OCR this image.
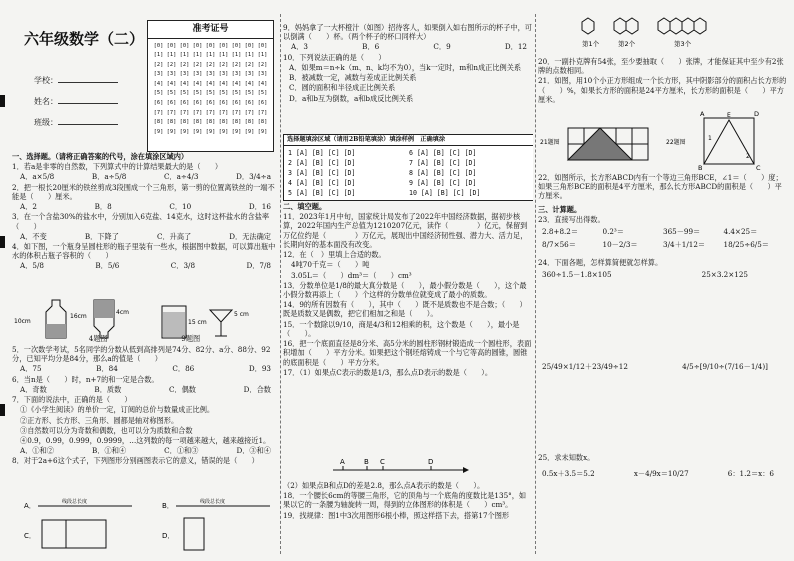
六年级数学（二）
学校：
姓名：
班级：
准考证号
[0] [0] [0] [0] [0] [0] [0] [0] [0]
[1] [1] [1] [1] [1] [1] [1] [1] [1]
[2] [2] [2] [2] [2] [2] [2] [2] [2]
[3] [3] [3] [3] [3] [3] [3] [3] [3]
[4] [4] [4] [4] [4] [4] [4] [4] [4]
[5] [5] [5] [5] [5] [5] [5] [5] [5]
[6] [6] [6] [6] [6] [6] [6] [6] [6]
[7] [7] [7] [7] [7] [7] [7] [7] [7]
[8] [8] [8] [8] [8] [8] [8] [8] [8]
[9] [9] [9] [9] [9] [9] [9] [9] [9]
一、选择题。（请将正确答案的代号，涂在填涂区域内）
1．若a是非零的自然数，下列算式中的计算结果最大的是（　　）
A．a×5/8	B．a÷5/8	C．a÷4/3	D．3/4÷a
2．把一根长20厘米的铁丝剪成3段围成一个三角形，第一剪的位置离铁丝的一端不能是（　　）厘米。
A．2	B．8	C．10	D．16
3．在一个含盐30%的盐水中，分别加入6克盐、14克水，这时这杯盐水的含盐率（　　）
A．不变	B．下降了	C．升高了	D．无法确定
4．如下图，一个瓶身呈圆柱形的瓶子里装有一些水，根据图中数据，可以算出瓶中水的体积占瓶子容积的（　　）
A．5/8	B．5/6	C．3/8	D．7/8
10cm
16cm
4cm
15 cm
5 cm
4题图	9题图
5．一次数学考试，5名同学的分数从低到高排列是74分、82分、a分、88分、92分，已知平均分是84分，那么a的值是（　　）
A．75	B．84	C．86	D．93
6．当n是（　　）时，n+7的和一定是合数。
A．奇数	B．质数	C．偶数	D．合数
7．下面的说法中，正确的是（　　）
①《小学生阅读》的单价一定，订阅的总价与数量成正比例。
②正方形、长方形、三角形、圆都是轴对称图形。
③自然数可以分为奇数和偶数，也可以分为质数和合数
④0.9，0.99，0.999，0.9999，…这列数的每一项越来越大，越来越接近1。
A．①和②	B．①和④	C．①和③	D．③和④
8．对于2a+6这个式子，下列图形分别画图表示它的意义，错误的是（　　）
A．	线段总长度	B．	线段总长度
C．	D．
9．妈妈拿了一大杯橙汁（如图）招待客人，如果倒入如右图所示的杯子中，可以倒满（　　）杯。（两个杯子的杯口同样大）
A．3	B．6	C．9	D．12
10．下列说法正确的是（　　）
A．如果m＝n÷k（m、n、k均不为0），当k一定时，m和n成正比例关系
B．被减数一定，减数与差成正比例关系
C．圆的面积和半径成正比例关系
D．a和b互为倒数，a和b成反比例关系
选择题填涂区域（请用2B铅笔填涂）填涂样例　正确填涂
1 [A] [B] [C] [D]	6 [A] [B] [C] [D]
2 [A] [B] [C] [D]	7 [A] [B] [C] [D]
3 [A] [B] [C] [D]	8 [A] [B] [C] [D]
4 [A] [B] [C] [D]	9 [A] [B] [C] [D]
5 [A] [B] [C] [D]	10 [A] [B] [C] [D]
二、填空题。
11．2023年1月中旬，国家统计局发布了2022年中国经济数据，据初步核算，2022年国内生产总值为1210207亿元，读作（　　　　）亿元，保留到万亿位约是（　　　　）万亿元，展现出中国经济韧性强、潜力大、活力足，长期向好的基本面没有改变。
12．在（　）里填上合适的数。
4吨70千克＝（　　）吨
3.05L＝（　　）dm³＝（　　）cm³
13．分数单位是1/8的最大真分数是（　　），最小假分数是（　　），这个最小假分数再添上（　　）个这样的分数单位就变成了最小的质数。
14．9的所有因数有（　　），其中（　　）既不是质数也不是合数；（　　）既是质数又是偶数，把它们相加之和是（　　）。
15．一个数除以9/10，商是4/3和12相乘的积，这个数是（　　），最小是（　　）。
16．把一个底面直径是8分米、高5分米的圆柱形钢材锻造成一个圆柱形，表面积增加（　　）平方分米。如果把这个钢坯熔铸成一个与它等高的圆锥，圆锥的底面积是（　　）平方分米。
17．（1）如果点C表示的数是1/3，那么点D表示的数是（　　）。
A	B C	D
（2）如果点B和点D的差是2.8，那么点A表示的数是（　　）。
18．一个腰长6cm的等腰三角形，它的顶角与一个底角的度数比是135°，如果以它的一条腰为轴旋转一周，得到的立体图形的体积是（　　）cm³。
19．找规律：图1中3次用图形6根小棒，照这样搭下去，搭第17个图形
第1个	第2个	第3个
20．一副扑克牌有54张，至少要抽取（　　）张牌，才能保证其中至少有2张牌的点数相同。
21．如图，用10个小正方形组成一个长方形，其中阴影部分的面积占长方形的（　　）%，如果长方形的面积是24平方厘米，长方形的面积是（　　）平方厘米。
21题图	22题图
A	D
B	C
E
1
2
22．如图所示，长方形ABCD内有一个等边三角形BCE，∠1＝（　　）度；如果三角形BCE的面积是4平方厘米，那么长方形ABCD的面积是（　　）平方厘米。
三、计算题。
23．直接写出得数。
2.8+8.2＝	0.2³＝	365－99＝	4.4×25＝
8/7×56＝	10－2/3＝	3/4＋1/12＝	18/25÷6/5＝
24．下面各题，怎样算简便就怎样算。
360÷1.5－1.8×105	25×3.2×125
25/49×1/12＋23/49÷12	4/5÷[9/10÷(7/16－1/4)]
25．求未知数x。
0.5x＋3.5＝5.2	x－4/9x＝10/27	6：1.2＝x：6
